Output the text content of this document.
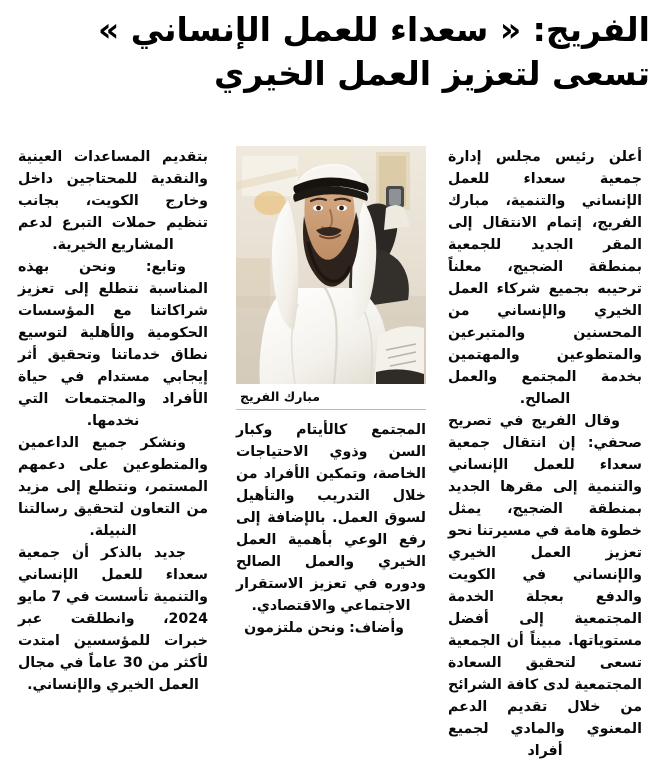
الفريج: « سعداء للعمل الإنساني »
تسعى لتعزيز العمل الخيري

أعلن رئيس مجلس إدارة جمعية سعداء للعمل الإنساني والتنمية، مبارك الفريج، إتمام الانتقال إلى المقر الجديد للجمعية بمنطقة الضجيج، معلناً ترحيبه بجميع شركاء العمل الخيري والإنساني من المحسنين والمتبرعين والمتطوعين والمهتمين بخدمة المجتمع والعمل الصالح.

وقال الفريج في تصريح صحفي: إن انتقال جمعية سعداء للعمل الإنساني والتنمية إلى مقرها الجديد بمنطقة الضجيج، يمثل خطوة هامة في مسيرتنا نحو تعزيز العمل الخيري والإنساني في الكويت والدفع بعجلة الخدمة المجتمعية إلى أفضل مستوياتها. مبيناً أن الجمعية تسعى لتحقيق السعادة المجتمعية لدى كافة الشرائح من خلال تقديم الدعم المعنوي والمادي لجميع أفراد

مبارك الفريج

المجتمع كالأيتام وكبار السن وذوي الاحتياجات الخاصة، وتمكين الأفراد من خلال التدريب والتأهيل لسوق العمل. بالإضافة إلى رفع الوعي بأهمية العمل الخيري والعمل الصالح ودوره في تعزيز الاستقرار الاجتماعي والاقتصادي.

وأضاف: ونحن ملتزمون

بتقديم المساعدات العينية والنقدية للمحتاجين داخل وخارج الكويت، بجانب تنظيم حملات التبرع لدعم المشاريع الخيرية.

وتابع: ونحن بهذه المناسبة نتطلع إلى تعزيز شراكاتنا مع المؤسسات الحكومية والأهلية لتوسيع نطاق خدماتنا وتحقيق أثر إيجابي مستدام في حياة الأفراد والمجتمعات التي نخدمها.

ونشكر جميع الداعمين والمتطوعين على دعمهم المستمر، ونتطلع إلى مزيد من التعاون لتحقيق رسالتنا النبيلة.

جديد بالذكر أن جمعية سعداء للعمل الإنساني والتنمية تأسست في 7 مايو 2024، وانطلقت عبر خبرات للمؤسسين امتدت لأكثر من 30 عاماً في مجال العمل الخيري والإنساني.
